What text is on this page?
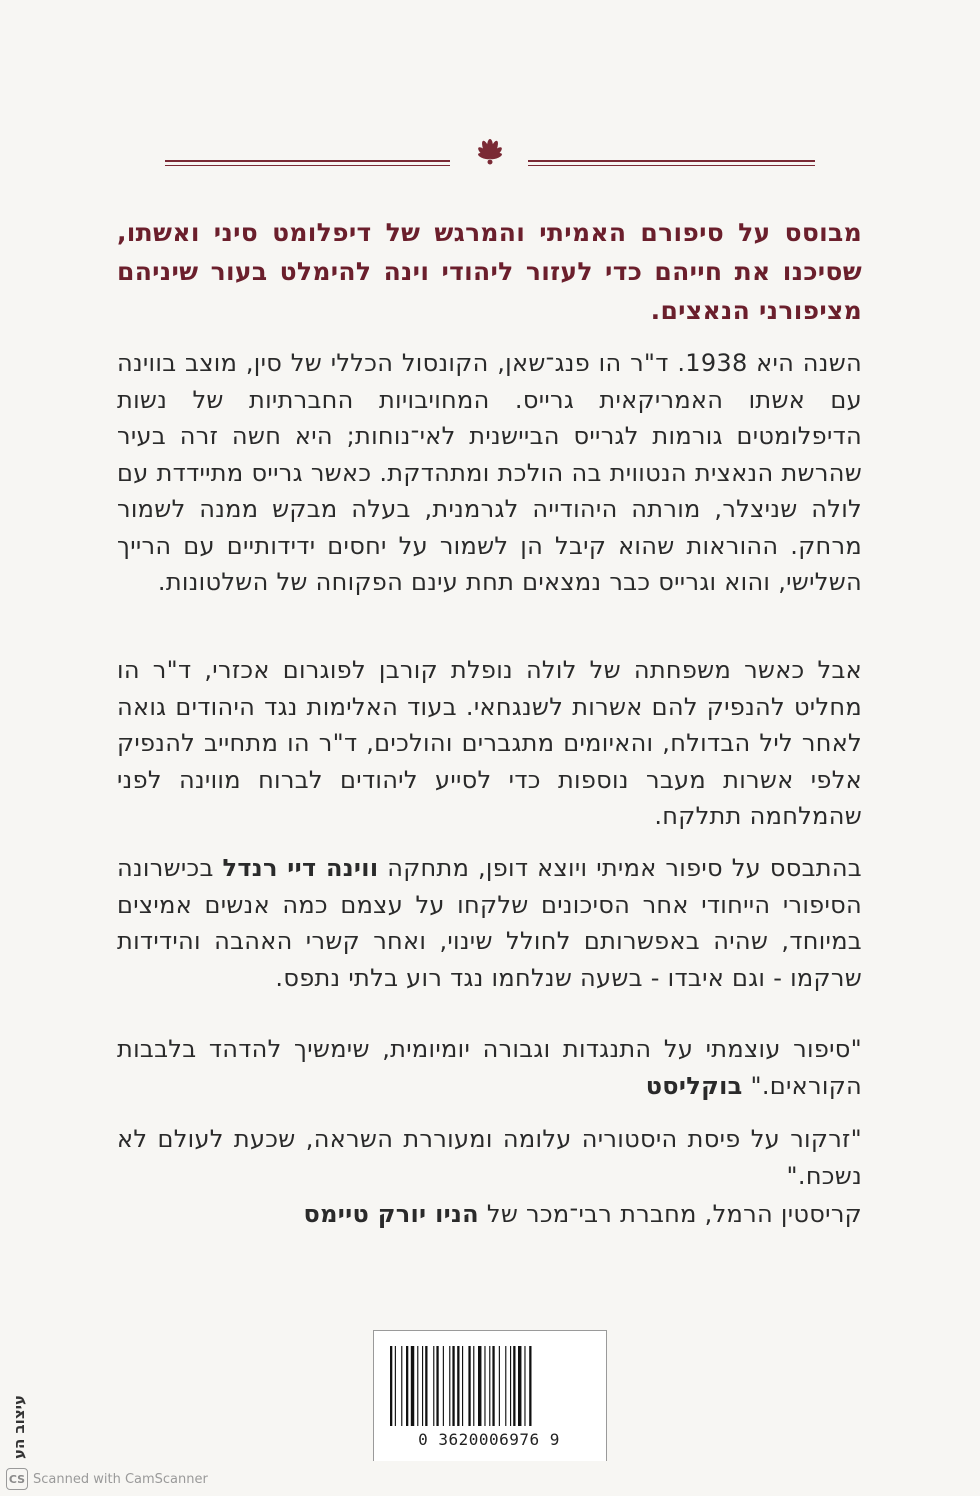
מבוסס על סיפורם האמיתי והמרגש של דיפלומט סיני ואשתו, שסיכנו את חייהם כדי לעזור ליהודי וינה להימלט בעור שיניהם מציפורני הנאצים.
השנה היא 1938. ד"ר הו פנג־שאן, הקונסול הכללי של סין, מוצב בווינה עם אשתו האמריקאית גרייס. המחויבויות החברתיות של נשות הדיפלומטים גורמות לגרייס הביישנית לאי־נוחות; היא חשה זרה בעיר שהרשת הנאצית הנטווית בה הולכת ומתהדקת. כאשר גרייס מתיידדת עם לולה שניצלר, מורתה היהודייה לגרמנית, בעלה מבקש ממנה לשמור מרחק. ההוראות שהוא קיבל הן לשמור על יחסים ידידותיים עם הרייך השלישי, והוא וגרייס כבר נמצאים תחת עינם הפקוחה של השלטונות.
אבל כאשר משפחתה של לולה נופלת קורבן לפוגרום אכזרי, ד"ר הו מחליט להנפיק להם אשרות לשנגחאי. בעוד האלימות נגד היהודים גואה לאחר ליל הבדולח, והאיומים מתגברים והולכים, ד"ר הו מתחייב להנפיק אלפי אשרות מעבר נוספות כדי לסייע ליהודים לברוח מווינה לפני שהמלחמה תתלקח.
בהתבסס על סיפור אמיתי ויוצא דופן, מתחקה ווינה דיי רנדל בכישרונה הסיפורי הייחודי אחר הסיכונים שלקחו על עצמם כמה אנשים אמיצים במיוחד, שהיה באפשרותם לחולל שינוי, ואחר קשרי האהבה והידידות שרקמו - וגם איבדו - בשעה שנלחמו נגד רוע בלתי נתפס.
"סיפור עוצמתי על התנגדות וגבורה יומיומית, שימשיך להדהד בלבבות הקוראים." בוקליסט
"זרקור על פיסת היסטוריה עלומה ומעוררת השראה, שכעת לעולם לא נשכח."
קריסטין הרמל, מחברת רבי־מכר של הניו יורק טיימס
0 3620006976 9
עיצוב הע
CS Scanned with CamScanner
